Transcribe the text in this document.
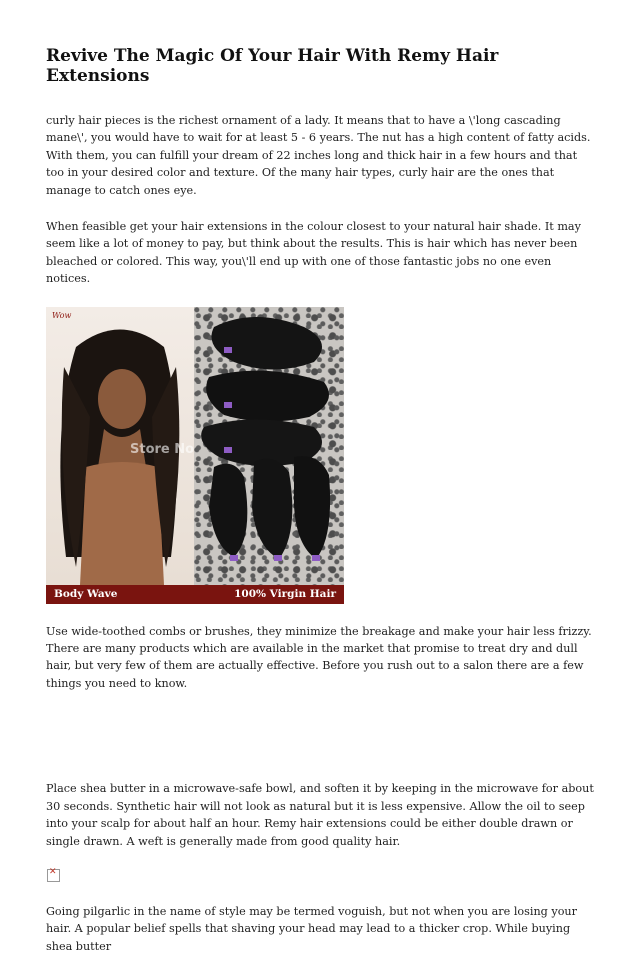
Revive The Magic Of Your Hair With Remy Hair Extensions

curly hair pieces is the richest ornament of a lady. It means that to have a \'long cascading mane\', you would have to wait for at least 5 - 6 years. The nut has a high content of fatty acids. With them, you can fulfill your dream of 22 inches long and thick hair in a few hours and that too in your desired color and texture. Of the many hair types, curly hair are the ones that manage to catch ones eye.

When feasible get your hair extensions in the colour closest to your natural hair shade. It may seem like a lot of money to pay, but think about the results. This is hair which has never been bleached or colored. This way, you\'ll end up with one of those fantastic jobs no one even notices.

Wow
Store No
Body Wave	100% Virgin Hair

Use wide-toothed combs or brushes, they minimize the breakage and make your hair less frizzy. There are many products which are available in the market that promise to treat dry and dull hair, but very few of them are actually effective. Before you rush out to a salon there are a few things you need to know.

Place shea butter in a microwave-safe bowl, and soften it by keeping in the microwave for about 30 seconds. Synthetic hair will not look as natural but it is less expensive. Allow the oil to seep into your scalp for about half an hour. Remy hair extensions could be either double drawn or single drawn. A weft is generally made from good quality hair.

✕

Going pilgarlic in the name of style may be termed voguish, but not when you are losing your hair. A popular belief spells that shaving your head may lead to a thicker crop. While buying shea butter
